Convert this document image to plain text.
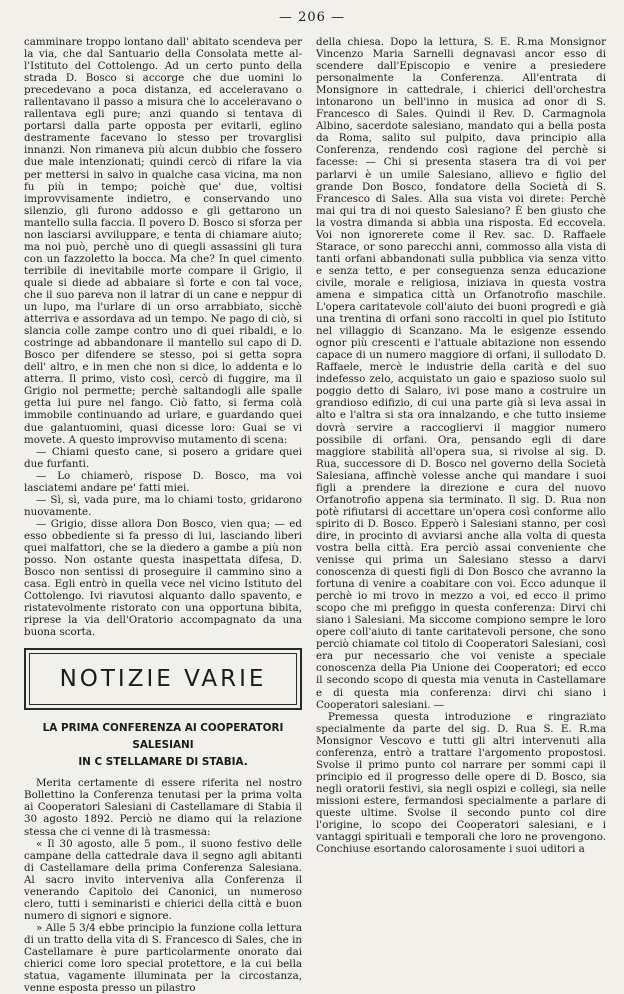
— 206 —

camminare troppo lontano dall' abitato scendeva per la via, che dal Santuario della Consolata mette al-l'Istituto del Cottolengo. Ad un certo punto della strada D. Bosco si accorge che due uomini lo precedevano a poca distanza, ed acceleravano o rallentavano il passo a misura che lo acceleravano o rallentava egli pure; anzi quando si tentava di portarsi dalla parte opposta per evitarli, eglino destramente facevano lo stesso per trovarglisi innanzi. Non rimaneva più alcun dubbio che fossero due male intenzionati; quindi cercò di rifare la via per mettersi in salvo in qualche casa vicina, ma non fu più in tempo; poichè que' due, voltisi improvvisamente indietro, e conservando uno silenzio, gli furono addosso e gli gettarono un mantello sulla faccia. Il povero D. Bosco si sforza per non lasciarsi avviluppare, e tenta di chiamare aiuto; ma noi può, perchè uno di quegli assassini gli tura con un fazzoletto la bocca. Ma che? In quel cimento terribile di inevitabile morte compare il Grigio, il quale si diede ad abbaiare sì forte e con tal voce, che il suo pareva non il latrar di un cane e neppur di un lupo, ma l'urlare di un orso arrabbiato, sicchè atterriva e assordava ad un tempo. Ne pago di ciò, si slancia colle zampe contro uno di quei ribaldi, e lo costringe ad abbandonare il mantello sul capo di D. Bosco per difendere se stesso, poi si getta sopra dell' altro, e in men che non si dice, lo addenta e lo atterra. Il primo, visto così, cercò di fuggire, ma il Grigio nol permette; perchè saltandogli alle spalle getta lui pure nel fango. Ciò fatto, si ferma colà immobile continuando ad urlare, e guardando quei due galantuomini, quasi dicesse loro: Guai se vi movete. A questo improvviso mutamento di scena:

— Chiami questo cane, si posero a gridare quei due furfanti.

— Lo chiamerò, rispose D. Bosco, ma voi lasciatemi andare pe' fatti miei.

— Sì, sì, vada pure, ma lo chiami tosto, gridarono nuovamente.

— Grigio, disse allora Don Bosco, vien qua; — ed esso obbediente si fa presso di lui, lasciando liberi quei malfattori, che se la diedero a gambe a più non posso. Non ostante questa inaspettata difesa, D. Bosco non sentissi di proseguire il cammino sino a casa. Egli entrò in quella vece nel vicino Istituto del Cottolengo. Ivi riavutosi alquanto dallo spavento, e ristatevolmente ristorato con una opportuna bibita, riprese la via dell'Oratorio accompagnato da una buona scorta.

NOTIZIE VARIE
LA PRIMA CONFERENZA AI COOPERATORI SALESIANI
IN C STELLAMARE DI STABIA.

Merita certamente di essere riferita nel nostro Bollettino la Conferenza tenutasi per la prima volta ai Cooperatori Salesiani di Castellamare di Stabia il 30 agosto 1892. Perciò ne diamo qui la relazione stessa che ci venne di là trasmessa:

« Il 30 agosto, alle 5 pom., il suono festivo delle campane della cattedrale dava il segno agli abitanti di Castellamare della prima Conferenza Salesiana. Al sacro invito interveniva alla Conferenza il venerando Capitolo dei Canonici, un numeroso clero, tutti i seminaristi e chierici della città e buon numero di signori e signore.

» Alle 5 3/4 ebbe principio la funzione colla lettura di un tratto della vita di S. Francesco di Sales, che in Castellamare è pure particolarmente onorato dai chierici come loro special protettore, e la cui bella statua, vagamente illuminata per la circostanza, venne esposta presso un pilastro

della chiesa. Dopo la lettura, S. E. R.ma Monsignor Vincenzo Maria Sarnelli degnavasi ancor esso di scendere dall'Episcopio e venire a presiedere personalmente la Conferenza. All'entrata di Monsignore in cattedrale, i chierici dell'orchestra intonarono un bell'inno in musica ad onor di S. Francesco di Sales. Quindi il Rev. D. Carmagnola Albino, sacerdote salesiano, mandato qui a bella posta da Roma, salito sul pulpito, dava principio alla Conferenza, rendendo così ragione del perchè si facesse: — Chi si presenta stasera tra di voi per parlarvi è un umile Salesiano, allievo e figlio del grande Don Bosco, fondatore della Società di S. Francesco di Sales. Alla sua vista voi direte: Perchè mai qui tra di noi questo Salesiano? È ben giusto che la vostra dimanda si abbia una risposta. Ed eccovela. Voi non ignorerete come il Rev. sac. D. Raffaele Starace, or sono parecchi anni, commosso alla vista di tanti orfani abbandonati sulla pubblica via senza vitto e senza tetto, e per conseguenza senza educazione civile, morale e religiosa, iniziava in questa vostra amena e simpatica città un Orfanotrofio maschile. L'opera caritatevole coll'aiuto dei buoni progredì e già una trentina di orfani sono raccolti in quel pio Istituto nel villaggio di Scanzano. Ma le esigenze essendo ognor più crescenti e l'attuale abitazione non essendo capace di un numero maggiore di orfani, il sullodato D. Raffaele, mercè le industrie della carità e del suo indefesso zelo, acquistato un gaio e spazioso suolo sul poggio detto di Salaro, ivi pose mano a costruire un grandioso edifizio, di cui una parte già si leva assai in alto e l'altra si sta ora innalzando, e che tutto insieme dovrà servire a raccogliervi il maggior numero possibile di orfani. Ora, pensando egli di dare maggiore stabilità all'opera sua, si rivolse al sig. D. Rua, successore di D. Bosco nel governo della Società Salesiana, affinchè volesse anche qui mandare i suoi figli a prendere la direzione e cura del nuovo Orfanotrofio appena sia terminato. Il sig. D. Rua non potè rifiutarsi di accettare un'opera così conforme allo spirito di D. Bosco. Epperò i Salesiani stanno, per così dire, in procinto di avviarsi anche alla volta di questa vostra bella città. Era perciò assai conveniente che venisse qui prima un Salesiano stesso a darvi conoscenza di questi figli di Don Bosco che avranno la fortuna di venire a coabitare con voi. Ecco adunque il perchè io mi trovo in mezzo a voi, ed ecco il primo scopo che mi prefiggo in questa conferenza: Dirvi chi siano i Salesiani. Ma siccome compiono sempre le loro opere coll'aiuto di tante caritatevoli persone, che sono perciò chiamate col titolo di Cooperatori Salesiani, così era pur necessario che voi veniste a speciale conoscenza della Pia Unione dei Cooperatori; ed ecco il secondo scopo di questa mia venuta in Castellamare e di questa mia conferenza: dirvi chi siano i Cooperatori salesiani. —

Premessa questa introduzione e ringraziato specialmente da parte del sig. D. Rua S. E. R.ma Monsignor Vescovo e tutti gli altri intervenuti alla conferenza, entrò a trattare l'argomento propostosi. Svolse il primo punto col narrare per sommi capi il principio ed il progresso delle opere di D. Bosco, sia negli oratorii festivi, sia negli ospizi e collegi, sia nelle missioni estere, fermandosi specialmente a parlare di queste ultime. Svolse il secondo punto col dire l'origine, lo scopo dei Cooperatori salesiani, e i vantaggi spirituali e temporali che loro ne provengono. Conchiuse esortando calorosamente i suoi uditori a
